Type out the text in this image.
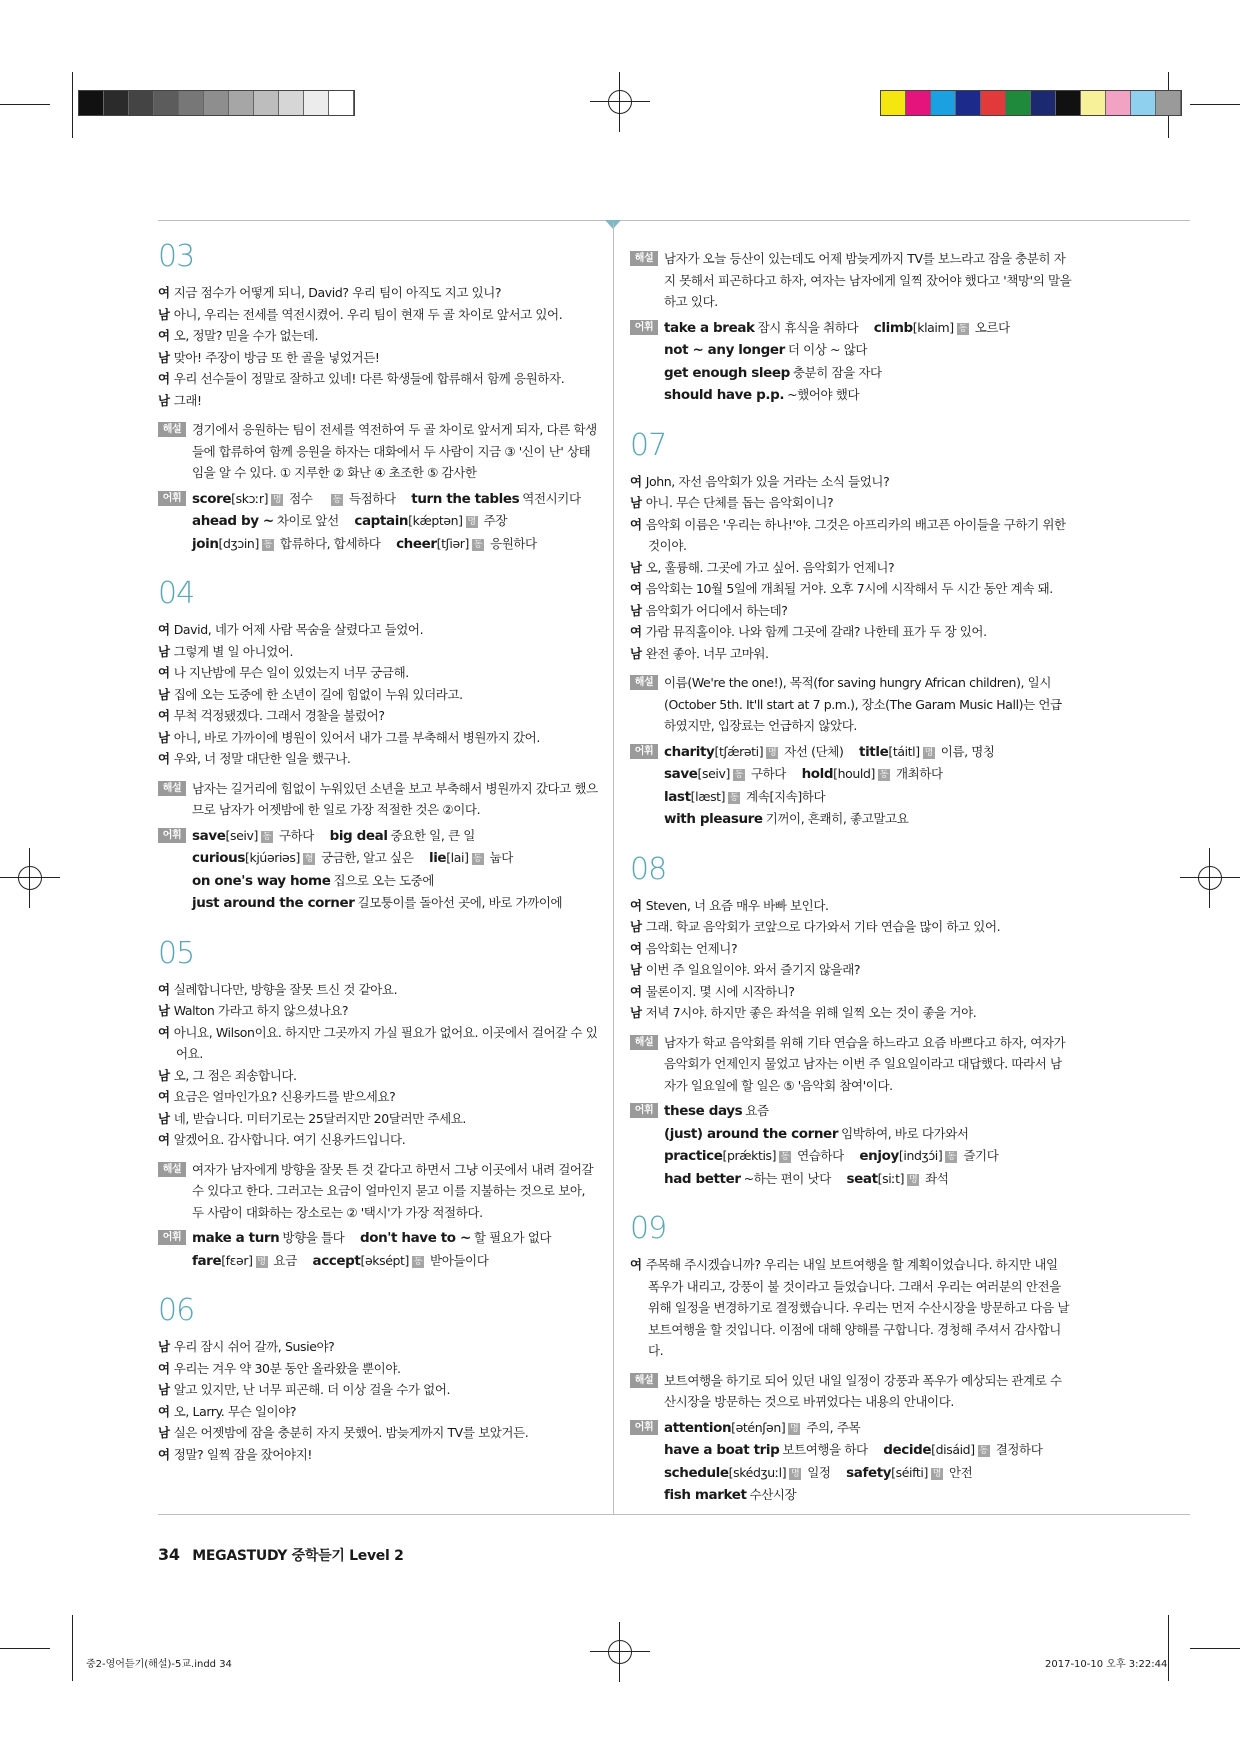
03
여 지금 점수가 어떻게 되니, David? 우리 팀이 아직도 지고 있니?
남 아니, 우리는 전세를 역전시켰어. 우리 팀이 현재 두 골 차이로 앞서고 있어.
여 오, 정말? 믿을 수가 없는데.
남 맞아! 주장이 방금 또 한 골을 넣었거든!
여 우리 선수들이 정말로 잘하고 있네! 다른 학생들에 합류해서 함께 응원하자.
남 그래!
해설 경기에서 응원하는 팀이 전세를 역전하여 두 골 차이로 앞서게 되자, 다른 학생들에 합류하여 함께 응원을 하자는 대화에서 두 사람이 지금 ③ '신이 난' 상태임을 알 수 있다. ① 지루한 ② 화난 ④ 초조한 ⑤ 감사한
어휘 score[skɔːr] 명 점수 동 득점하다 turn the tables 역전시키다 ahead by ~ 차이로 앞선 captain[kǽptən] 명 주장 join[dʒɔin] 동 합류하다, 합세하다 cheer[tʃiər] 동 응원하다
04
여 David, 네가 어제 사람 목숨을 살렸다고 들었어.
남 그렇게 별 일 아니었어.
여 나 지난밤에 무슨 일이 있었는지 너무 궁금해.
남 집에 오는 도중에 한 소년이 길에 힘없이 누워 있더라고.
여 무척 걱정됐겠다. 그래서 경찰을 불렀어?
남 아니, 바로 가까이에 병원이 있어서 내가 그를 부축해서 병원까지 갔어.
여 우와, 너 정말 대단한 일을 했구나.
해설 남자는 길거리에 힘없이 누워있던 소년을 보고 부축해서 병원까지 갔다고 했으므로 남자가 어젯밤에 한 일로 가장 적절한 것은 ②이다.
어휘 save[seiv] 동 구하다 big deal 중요한 일, 큰 일 curious[kjúəriəs] 형 궁금한, 알고 싶은 lie[lai] 동 눕다 on one's way home 집으로 오는 도중에 just around the corner 길모퉁이를 돌아선 곳에, 바로 가까이에
05
여 실례합니다만, 방향을 잘못 트신 것 같아요.
남 Walton 가라고 하지 않으셨나요?
여 아니요, Wilson이요. 하지만 그곳까지 가실 필요가 없어요. 이곳에서 걸어갈 수 있어요.
남 오, 그 점은 죄송합니다.
여 요금은 얼마인가요? 신용카드를 받으세요?
남 네, 받습니다. 미터기로는 25달러지만 20달러만 주세요.
여 알겠어요. 감사합니다. 여기 신용카드입니다.
해설 여자가 남자에게 방향을 잘못 튼 것 같다고 하면서 그냥 이곳에서 내려 걸어갈 수 있다고 한다. 그러고는 요금이 얼마인지 묻고 이를 지불하는 것으로 보아, 두 사람이 대화하는 장소로는 ② '택시'가 가장 적절하다.
어휘 make a turn 방향을 틀다 don't have to ~ 할 필요가 없다 fare[fɛər] 명 요금 accept[əksépt] 동 받아들이다
06
남 우리 잠시 쉬어 갈까, Susie야?
여 우리는 겨우 약 30분 동안 올라왔을 뿐이야.
남 알고 있지만, 난 너무 피곤해. 더 이상 걸을 수가 없어.
여 오, Larry. 무슨 일이야?
남 실은 어젯밤에 잠을 충분히 자지 못했어. 밤늦게까지 TV를 보았거든.
여 정말? 일찍 잠을 잤어야지!
해설 남자가 오늘 등산이 있는데도 어제 밤늦게까지 TV를 보느라고 잠을 충분히 자지 못해서 피곤하다고 하자, 여자는 남자에게 일찍 잤어야 했다고 '책망'의 말을 하고 있다.
어휘 take a break 잠시 휴식을 취하다 climb[klaim] 동 오르다 not ~ any longer 더 이상 ~ 않다 get enough sleep 충분히 잠을 자다 should have p.p. ~했어야 했다
07
여 John, 자선 음악회가 있을 거라는 소식 들었니?
남 아니. 무슨 단체를 돕는 음악회이니?
여 음악회 이름은 '우리는 하나!'야. 그것은 아프리카의 배고픈 아이들을 구하기 위한 것이야.
남 오, 훌륭해. 그곳에 가고 싶어. 음악회가 언제니?
여 음악회는 10월 5일에 개최될 거야. 오후 7시에 시작해서 두 시간 동안 계속 돼.
남 음악회가 어디에서 하는데?
여 가람 뮤직홀이야. 나와 함께 그곳에 갈래? 나한테 표가 두 장 있어.
남 완전 좋아. 너무 고마워.
해설 이름(We're the one!), 목적(for saving hungry African children), 일시(October 5th. It'll start at 7 p.m.), 장소(The Garam Music Hall)는 언급하였지만, 입장료는 언급하지 않았다.
어휘 charity[tʃǽrəti] 명 자선 (단체) title[táitl] 명 이름, 명칭 save[seiv] 동 구하다 hold[hould] 동 개최하다 last[læst] 동 계속[지속]하다 with pleasure 기꺼이, 흔쾌히, 좋고말고요
08
여 Steven, 너 요즘 매우 바빠 보인다.
남 그래. 학교 음악회가 코앞으로 다가와서 기타 연습을 많이 하고 있어.
여 음악회는 언제니?
남 이번 주 일요일이야. 와서 즐기지 않을래?
여 물론이지. 몇 시에 시작하니?
남 저녁 7시야. 하지만 좋은 좌석을 위해 일찍 오는 것이 좋을 거야.
해설 남자가 학교 음악회를 위해 기타 연습을 하느라고 요즘 바쁘다고 하자, 여자가 음악회가 언제인지 물었고 남자는 이번 주 일요일이라고 대답했다. 따라서 남자가 일요일에 할 일은 ⑤ '음악회 참여'이다.
어휘 these days 요즘 (just) around the corner 임박하여, 바로 다가와서 practice[prǽktis] 동 연습하다 enjoy[indʒɔ́i] 동 즐기다 had better ~하는 편이 낫다 seat[siːt] 명 좌석
09
여 주목해 주시겠습니까? 우리는 내일 보트여행을 할 계획이었습니다. 하지만 내일 폭우가 내리고, 강풍이 불 것이라고 들었습니다. 그래서 우리는 여러분의 안전을 위해 일정을 변경하기로 결정했습니다. 우리는 먼저 수산시장을 방문하고 다음 날 보트여행을 할 것입니다. 이점에 대해 양해를 구합니다. 경청해 주셔서 감사합니다.
해설 보트여행을 하기로 되어 있던 내일 일정이 강풍과 폭우가 예상되는 관계로 수산시장을 방문하는 것으로 바뀌었다는 내용의 안내이다.
어휘 attention[əténʃən] 명 주의, 주목 have a boat trip 보트여행을 하다 decide[disáid] 동 결정하다 schedule[skédʒuːl] 명 일정 safety[séifti] 명 안전 fish market 수산시장
34 MEGASTUDY 중학듣기 Level 2
중2-영어듣기(해설)-5교.indd 34	2017-10-10 오후 3:22:44
